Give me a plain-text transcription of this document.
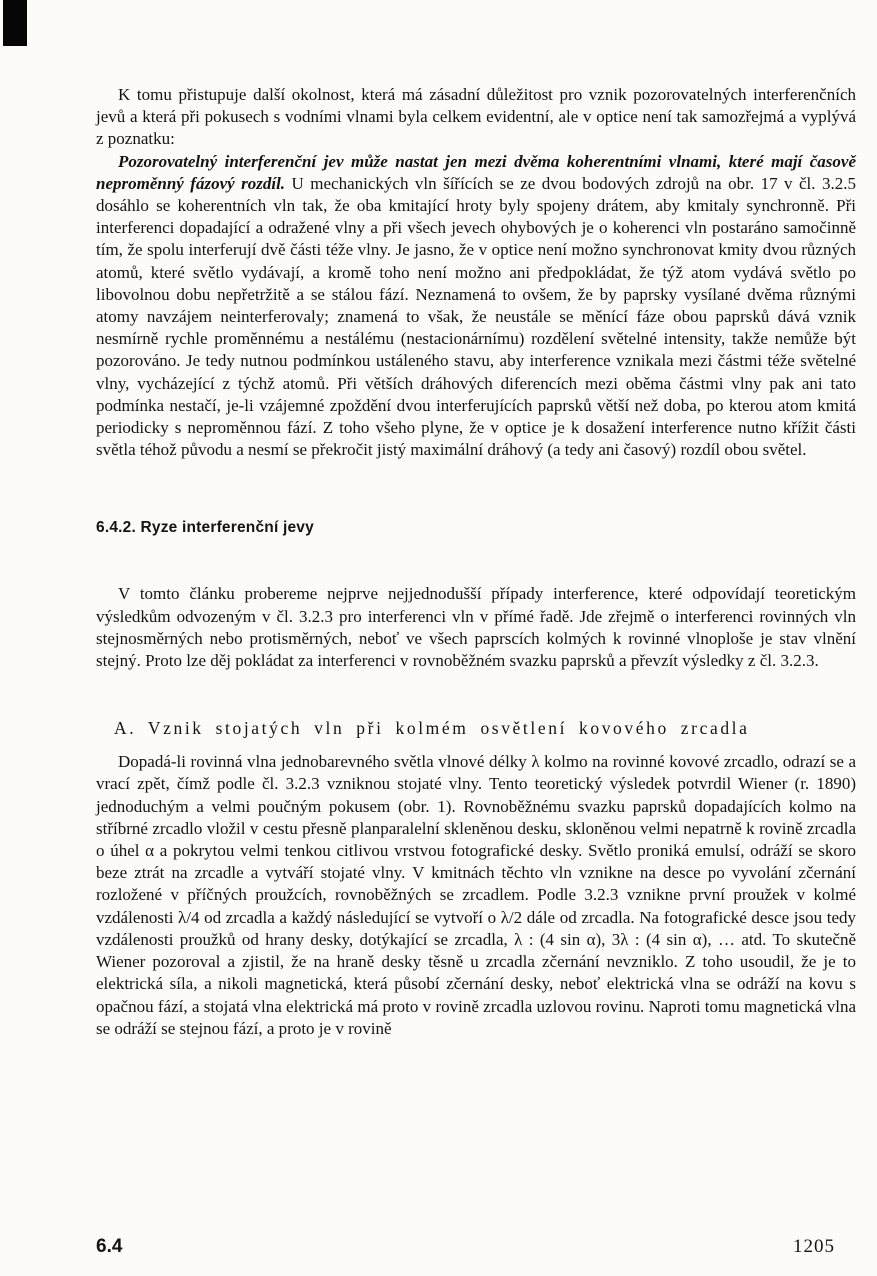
K tomu přistupuje další okolnost, která má zásadní důležitost pro vznik pozorovatelných interferenčních jevů a která při pokusech s vodními vlnami byla celkem evidentní, ale v optice není tak samozřejmá a vyplývá z poznatku:

Pozorovatelný interferenční jev může nastat jen mezi dvěma koherentními vlnami, které mají časově neproměnný fázový rozdíl. U mechanických vln šířících se ze dvou bodových zdrojů na obr. 17 v čl. 3.2.5 dosáhlo se koherentních vln tak, že oba kmitající hroty byly spojeny drátem, aby kmitaly synchronně. Při interferenci dopadající a odražené vlny a při všech jevech ohybových je o koherenci vln postaráno samočinně tím, že spolu interferují dvě části téže vlny. Je jasno, že v optice není možno synchronovat kmity dvou různých atomů, které světlo vydávají, a kromě toho není možno ani předpokládat, že týž atom vydává světlo po libovolnou dobu nepřetržitě a se stálou fází. Neznamená to ovšem, že by paprsky vysílané dvěma různými atomy navzájem neinterferovaly; znamená to však, že neustále se měnící fáze obou paprsků dává vznik nesmírně rychle proměnnému a nestálému (nestacionárnímu) rozdělení světelné intensity, takže nemůže být pozorováno. Je tedy nutnou podmínkou ustáleného stavu, aby interference vznikala mezi částmi téže světelné vlny, vycházející z týchž atomů. Při větších dráhových diferencích mezi oběma částmi vlny pak ani tato podmínka nestačí, je-li vzájemné zpoždění dvou interferujících paprsků větší než doba, po kterou atom kmitá periodicky s neproměnnou fází. Z toho všeho plyne, že v optice je k dosažení interference nutno křížit části světla téhož původu a nesmí se překročit jistý maximální dráhový (a tedy ani časový) rozdíl obou světel.

6.4.2. Ryze interferenční jevy

V tomto článku probereme nejprve nejjednodušší případy interference, které odpovídají teoretickým výsledkům odvozeným v čl. 3.2.3 pro interferenci vln v přímé řadě. Jde zřejmě o interferenci rovinných vln stejnosměrných nebo protisměrných, neboť ve všech paprscích kolmých k rovinné vlnoploše je stav vlnění stejný. Proto lze děj pokládat za interferenci v rovnoběžném svazku paprsků a převzít výsledky z čl. 3.2.3.

A. Vznik stojatých vln při kolmém osvětlení kovového zrcadla

Dopadá-li rovinná vlna jednobarevného světla vlnové délky λ kolmo na rovinné kovové zrcadlo, odrazí se a vrací zpět, čímž podle čl. 3.2.3 vzniknou stojaté vlny. Tento teoretický výsledek potvrdil Wiener (r. 1890) jednoduchým a velmi poučným pokusem (obr. 1). Rovnoběžnému svazku paprsků dopadajících kolmo na stříbrné zrcadlo vložil v cestu přesně planparalelní skleněnou desku, skloněnou velmi nepatrně k rovině zrcadla o úhel α a pokrytou velmi tenkou citlivou vrstvou fotografické desky. Světlo proniká emulsí, odráží se skoro beze ztrát na zrcadle a vytváří stojaté vlny. V kmitnách těchto vln vznikne na desce po vyvolání zčernání rozložené v příčných proužcích, rovnoběžných se zrcadlem. Podle 3.2.3 vznikne první proužek v kolmé vzdálenosti λ/4 od zrcadla a každý následující se vytvoří o λ/2 dále od zrcadla. Na fotografické desce jsou tedy vzdálenosti proužků od hrany desky, dotýkající se zrcadla, λ : (4 sin α), 3λ : (4 sin α), … atd. To skutečně Wiener pozoroval a zjistil, že na hraně desky těsně u zrcadla zčernání nevzniklo. Z toho usoudil, že je to elektrická síla, a nikoli magnetická, která působí zčernání desky, neboť elektrická vlna se odráží na kovu s opačnou fází, a stojatá vlna elektrická má proto v rovině zrcadla uzlovou rovinu. Naproti tomu magnetická vlna se odráží se stejnou fází, a proto je v rovině

6.4	1205
